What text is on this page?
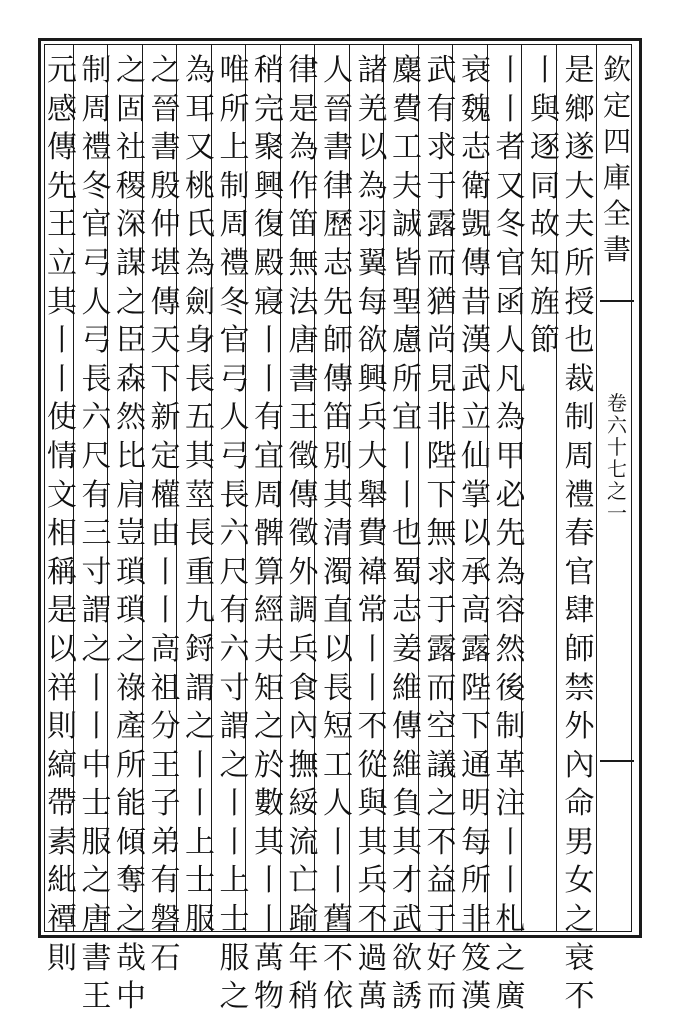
欽
定
四
庫
全
書
卷
六
十
七
之
一
是
鄉
遂
大
夫
所
授
也
裁
制
周
禮
春
官
肆
師
禁
外
內
命
男
女
之
衰
不
丨
與
逐
同
故
知
旌
節
丨
丨
者
又
冬
官
函
人
凡
為
甲
必
先
為
容
然
後
制
革
注
丨
丨
札
之
廣
衰
魏
志
衛
覬
傳
昔
漢
武
立
仙
掌
以
承
高
露
陛
下
通
明
每
所
非
笈
漢
武
有
求
于
露
而
猶
尚
見
非
陛
下
無
求
于
露
而
空
議
之
不
益
于
好
而
麋
費
工
夫
誠
皆
聖
慮
所
宜
丨
丨
也
蜀
志
姜
維
傳
維
負
其
才
武
欲
誘
諸
羌
以
為
羽
翼
每
欲
興
兵
大
舉
費
褘
常
丨
丨
不
從
與
其
兵
不
過
萬
人
晉
書
律
歷
志
先
師
傳
笛
別
其
清
濁
直
以
長
短
工
人
丨
丨
舊
不
依
律
是
為
作
笛
無
法
唐
書
王
徵
傳
徵
外
調
兵
食
內
撫
綏
流
亡
踰
年
稍
稍
完
聚
興
復
殿
寢
丨
丨
有
宜
周
髀
算
經
夫
矩
之
於
數
其
丨
丨
萬
物
唯
所
上
制
周
禮
冬
官
弓
人
弓
長
六
尺
有
六
寸
謂
之
丨
丨
上
士
服
之
為
耳
又
桃
氏
為
劍
身
長
五
其
莖
長
重
九
鋝
謂
之
丨
丨
上
士
服
之
晉
書
殷
仲
堪
傳
天
下
新
定
權
由
丨
丨
高
祖
分
王
子
弟
有
磐
石
之
固
社
稷
深
謀
之
臣
森
然
比
肩
豈
瑣
瑣
之
祿
產
所
能
傾
奪
之
哉
中
制
周
禮
冬
官
弓
人
弓
長
六
尺
有
三
寸
謂
之
丨
丨
中
士
服
之
唐
書
王
元
感
傳
先
王
立
其
丨
丨
使
情
文
相
稱
是
以
祥
則
縞
帶
素
紕
禫
則
